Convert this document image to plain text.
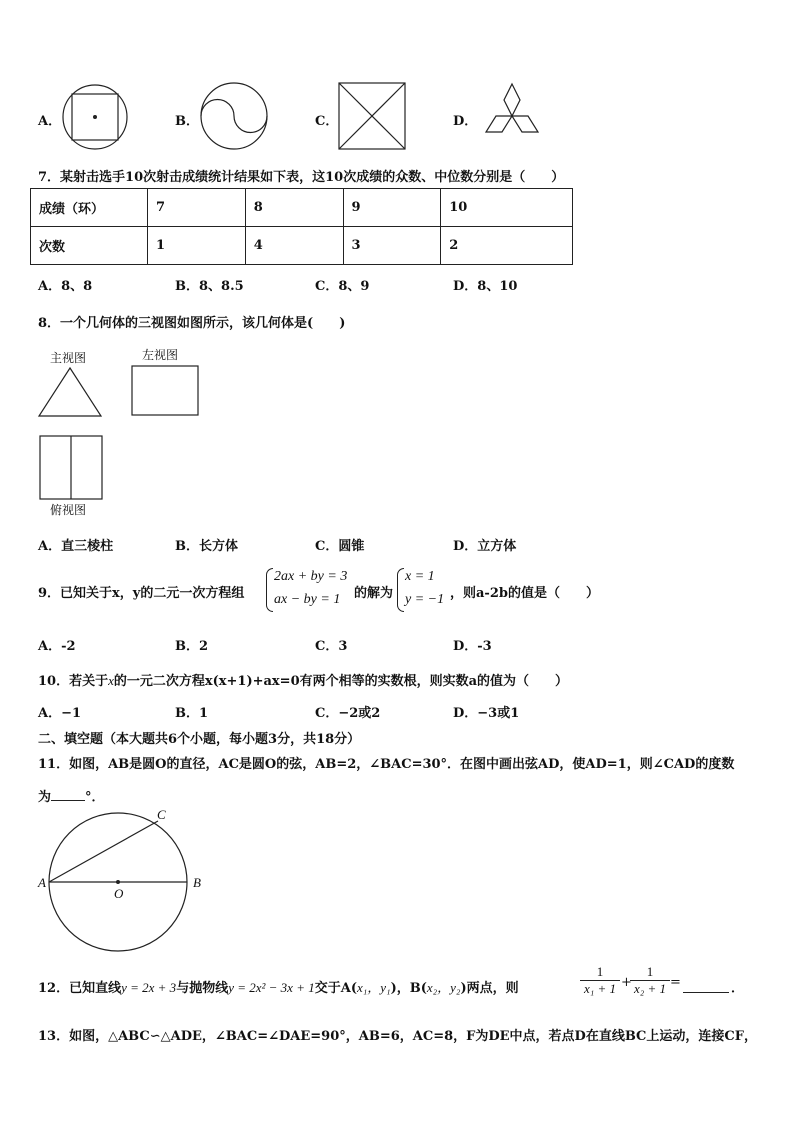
A．	B．	C．	D．
7．某射击选手10次射击成绩统计结果如下表，这10次成绩的众数、中位数分别是（　　）
成绩（环）	7	8	9	10
次数	1	4	3	2
A．8、8	B．8、8.5	C．8、9	D．8、10
8．一个几何体的三视图如图所示，该几何体是(　　)
主视图	左视图
俯视图
A．直三棱柱	B．长方体	C．圆锥	D．立方体
9．已知关于x，y的二元一次方程组
2ax + by = 3
ax − by = 1 的解为
x = 1
y = −1 ，则a-2b的值是（　　）
A．-2	B．2	C．3	D．-3
10．若关于x的一元二次方程x(x+1)+ax=0有两个相等的实数根，则实数a的值为（　　）
A．−1	B．1	C．−2或2	D．−3或1
二、填空题（本大题共6个小题，每小题3分，共18分）
11．如图，AB是圆O的直径，AC是圆O的弦，AB=2，∠BAC=30°．在图中画出弦AD，使AD=1，则∠CAD的度数
为	°．
A	B
C
O
12．已知直线y = 2x + 3与抛物线y = 2x² − 3x + 1交于A(x₁，y₁)，B(x₂，y₂)两点，则	$\frac{1}{\text{x₁ + 1}}$ +
$\frac{1}{\text{x₂ + 1}}$ =	．
13．如图，△ABC∽△ADE，∠BAC=∠DAE=90°，AB=6，AC=8，F为DE中点，若点D在直线BC上运动，连接CF，
